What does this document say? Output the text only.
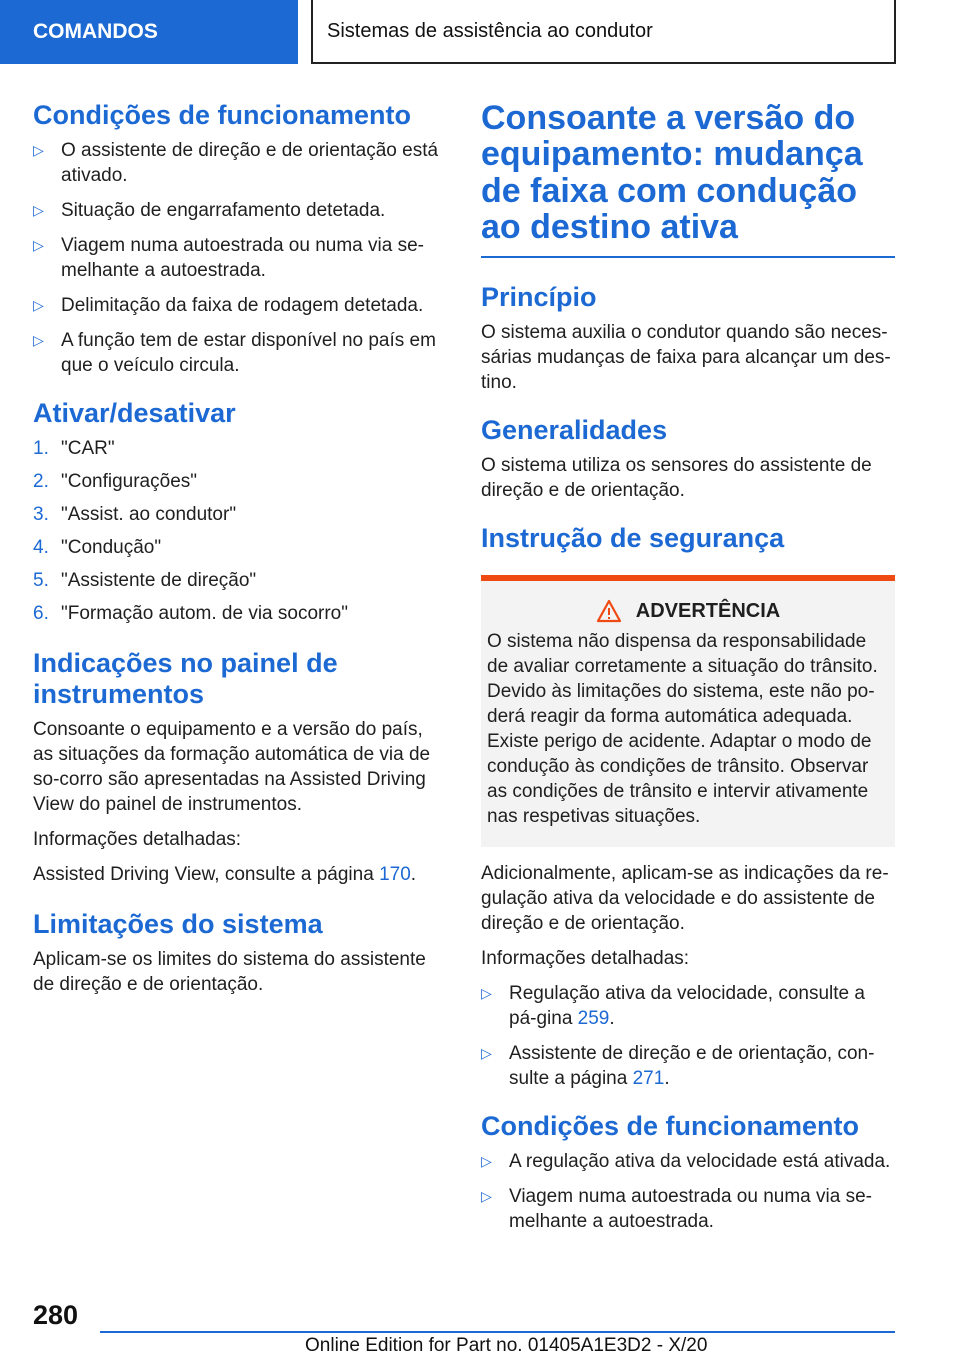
COMANDOS	Sistemas de assistência ao condutor
Condições de funcionamento
▷ O assistente de direção e de orientação está ativado.
▷ Situação de engarrafamento detetada.
▷ Viagem numa autoestrada ou numa via se-melhante a autoestrada.
▷ Delimitação da faixa de rodagem detetada.
▷ A função tem de estar disponível no país em que o veículo circula.
Ativar/desativar
1. "CAR"
2. "Configurações"
3. "Assist. ao condutor"
4. "Condução"
5. "Assistente de direção"
6. "Formação autom. de via socorro"
Indicações no painel de instrumentos

Consoante o equipamento e a versão do país, as situações da formação automática de via de so-corro são apresentadas na Assisted Driving View do painel de instrumentos.

Informações detalhadas:

Assisted Driving View, consulte a página 170.

Limitações do sistema

Aplicam-se os limites do sistema do assistente de direção e de orientação.

Consoante a versão do equipamento: mudança de faixa com condução ao destino ativa
Princípio

O sistema auxilia o condutor quando são neces-sárias mudanças de faixa para alcançar um des-tino.

Generalidades

O sistema utiliza os sensores do assistente de direção e de orientação.

Instrução de segurança
ADVERTÊNCIA

O sistema não dispensa da responsabilidade de avaliar corretamente a situação do trânsito. Devido às limitações do sistema, este não po-derá reagir da forma automática adequada. Existe perigo de acidente. Adaptar o modo de condução às condições de trânsito. Observar as condições de trânsito e intervir ativamente nas respetivas situações.

Adicionalmente, aplicam-se as indicações da re-gulação ativa da velocidade e do assistente de direção e de orientação.

Informações detalhadas:

▷ Regulação ativa da velocidade, consulte a pá-gina 259.
▷ Assistente de direção e de orientação, con-sulte a página 271.
Condições de funcionamento
▷ A regulação ativa da velocidade está ativada.
▷ Viagem numa autoestrada ou numa via se-melhante a autoestrada.
280
Online Edition for Part no. 01405A1E3D2 - X/20
